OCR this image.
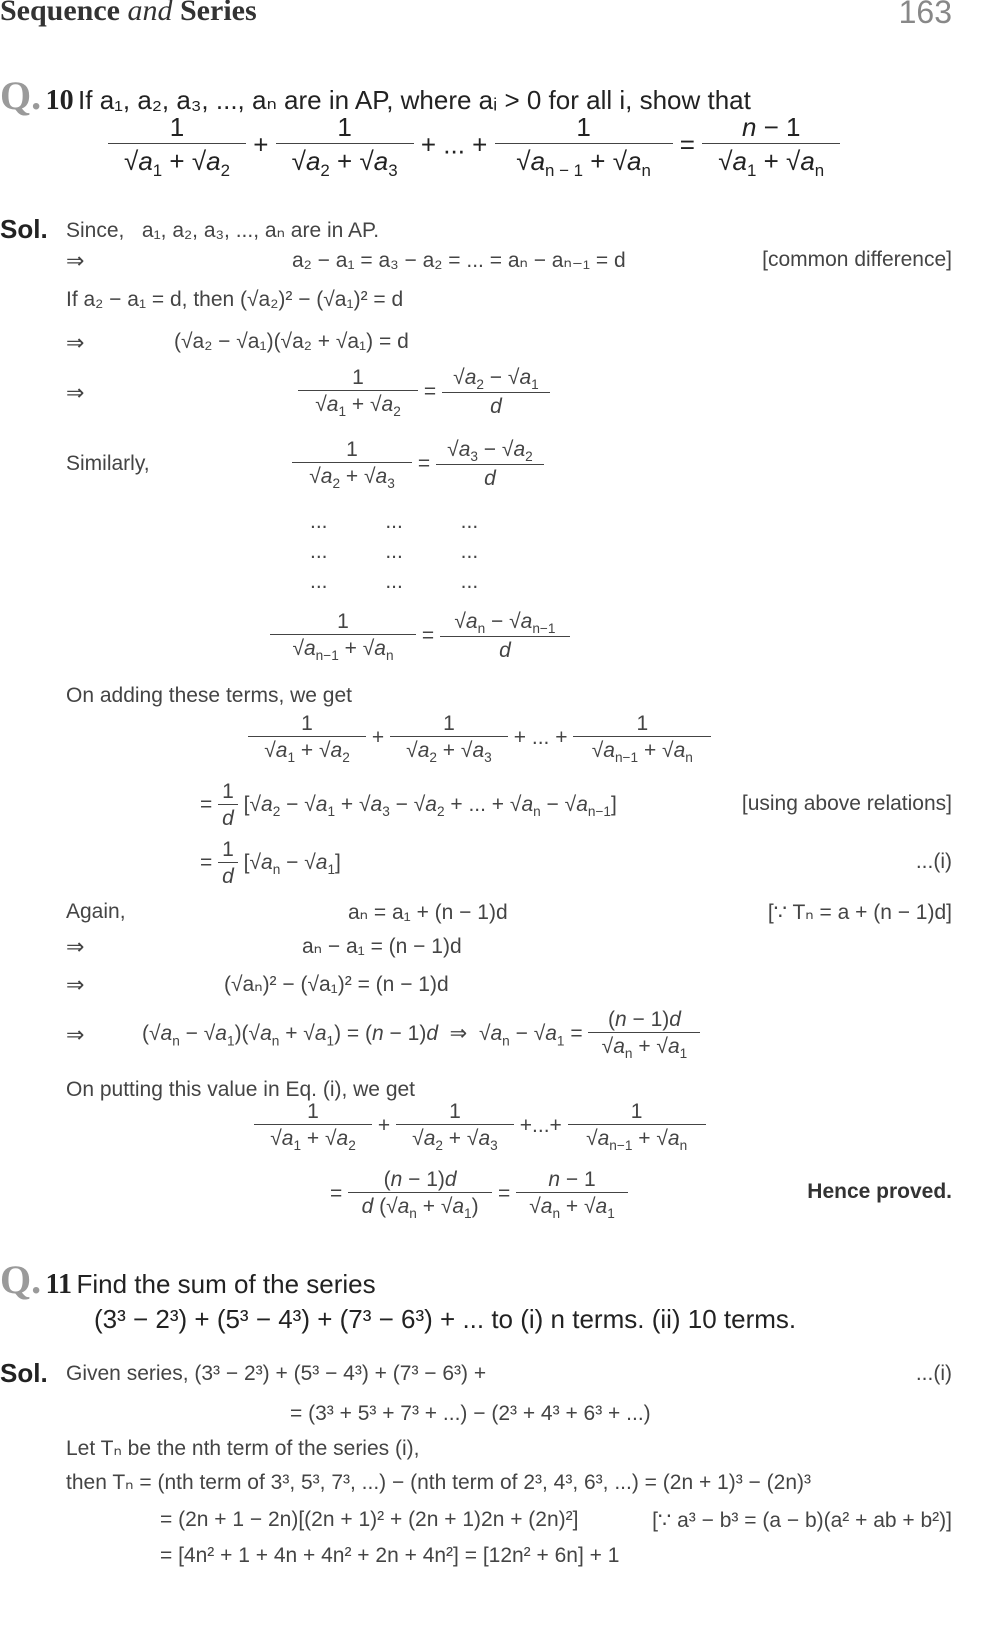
Sequence and Series	163
Q. 10 If a₁, a₂, a₃, ..., aₙ are in AP, where aᵢ > 0 for all i, show that
$\frac{1}{√a_1 + √a_2} + \frac{1}{√a_2 + √a_3}$ + ... + $\frac{1}{√a_{n - 1} + √a_n} = \frac{n - 1}{√a_1 + √a_n}$
Sol. Since, a₁, a₂, a₃, ..., aₙ are in AP.
⇒	a₂ − a₁ = a₃ − a₂ = ... = aₙ − aₙ₋₁ = d	[common difference]
If a₂ − a₁ = d, then (√a₂)² − (√a₁)² = d
⇒	(√a₂ − √a₁)(√a₂ + √a₁) = d
⇒	$\frac{1}{√a_1 + √a_2} = \frac{√a_2 - √a_1}{d}$
Similarly,	$\frac{1}{√a_2 + √a_3} = \frac{√a_3 - √a_2}{d}$
... ... ...
... ... ...
... ... ...
$\frac{1}{√a_{n-1} + √a_n} = \frac{√a_n - √a_{n-1}}{d}$
On adding these terms, we get
$\frac{1}{√a_1 + √a_2} + \frac{1}{√a_2 + √a_3}$ + ... + $\frac{1}{√a_{n-1} + √a_n}$
= $\frac{1}{d} [√a_2 - √a_1 + √a_3 - √a_2$ + ... + $√a_n - √a_{n-1}$]	[using above relations]
= $\frac{1}{d} [√a_n - √a_1]$	...(i)
Again,	aₙ = a₁ + (n − 1)d	[∵ Tₙ = a + (n − 1)d]
⇒	aₙ − a₁ = (n − 1)d
⇒	(√aₙ)² − (√a₁)² = (n − 1)d
⇒	$(√a_n - √a_1)(√a_n + √a_1) = (n - 1)d$  ⇒  $√a_n - √a_1 = \frac{(n - 1)d}{√a_n + √a_1}$
On putting this value in Eq. (i), we get
$\frac{1}{√a_1 + √a_2} + \frac{1}{√a_2 + √a_3}$ +...+ $\frac{1}{√a_{n-1} + √a_n}$
= $\frac{(n - 1)d}{d (√a_n + √a_1)} = \frac{n - 1}{√a_n + √a_1}$	Hence proved.
Q. 11 Find the sum of the series
(3³ − 2³) + (5³ − 4³) + (7³ − 6³) + ... to (i) n terms. (ii) 10 terms.
Sol. Given series, (3³ − 2³) + (5³ − 4³) + (7³ − 6³) +	...(i)
= (3³ + 5³ + 7³ + ...) − (2³ + 4³ + 6³ + ...)
Let Tₙ be the nth term of the series (i),
then Tₙ = (nth term of 3³, 5³, 7³, ...) − (nth term of 2³, 4³, 6³, ...) = (2n + 1)³ − (2n)³
= (2n + 1 − 2n)[(2n + 1)² + (2n + 1)2n + (2n)²]	[∵ a³ − b³ = (a − b)(a² + ab + b²)]
= [4n² + 1 + 4n + 4n² + 2n + 4n²] = [12n² + 6n] + 1
